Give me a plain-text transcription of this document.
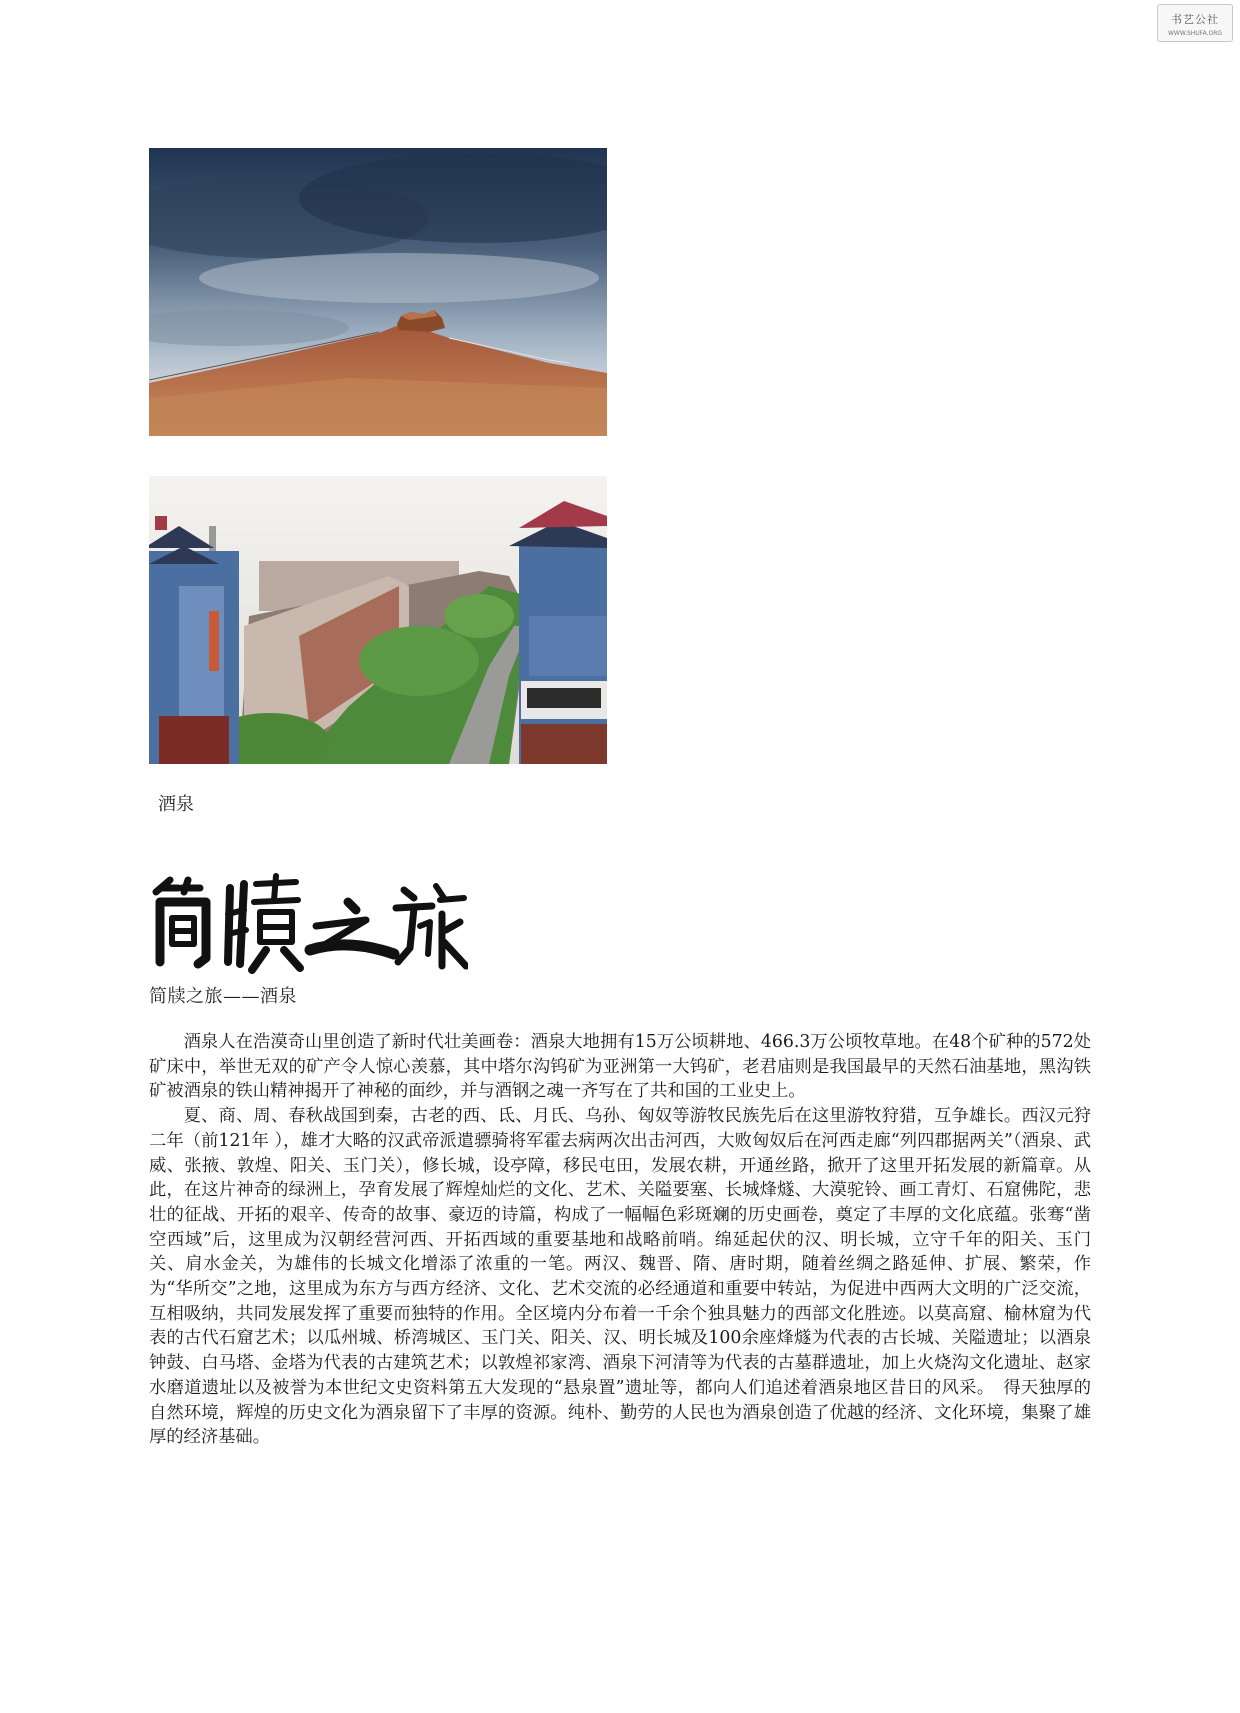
书艺公社
WWW.SHUFA.ORG
酒泉
简牍之旅——酒泉

酒泉人在浩漠奇山里创造了新时代壮美画卷：酒泉大地拥有15万公顷耕地、466.3万公顷牧草地。在48个矿种的572处矿床中，举世无双的矿产令人惊心羡慕，其中塔尔沟钨矿为亚洲第一大钨矿，老君庙则是我国最早的天然石油基地，黑沟铁矿被酒泉的铁山精神揭开了神秘的面纱，并与酒钢之魂一齐写在了共和国的工业史上。

夏、商、周、春秋战国到秦，古老的西、氐、月氏、乌孙、匈奴等游牧民族先后在这里游牧狩猎，互争雄长。西汉元狩二年（前121年 ），雄才大略的汉武帝派遣骠骑将军霍去病两次出击河西，大败匈奴后在河西走廊“列四郡据两关”（酒泉、武威、张掖、敦煌、阳关、玉门关），修长城，设亭障，移民屯田，发展农耕，开通丝路，掀开了这里开拓发展的新篇章。从此，在这片神奇的绿洲上，孕育发展了辉煌灿烂的文化、艺术、关隘要塞、长城烽燧、大漠驼铃、画工青灯、石窟佛陀，悲壮的征战、开拓的艰辛、传奇的故事、豪迈的诗篇，构成了一幅幅色彩斑斓的历史画卷，奠定了丰厚的文化底蕴。张骞“凿空西域”后，这里成为汉朝经营河西、开拓西域的重要基地和战略前哨。绵延起伏的汉、明长城，立守千年的阳关、玉门关、肩水金关，为雄伟的长城文化增添了浓重的一笔。两汉、魏晋、隋、唐时期，随着丝绸之路延伸、扩展、繁荣，作为“华所交”之地，这里成为东方与西方经济、文化、艺术交流的必经通道和重要中转站，为促进中西两大文明的广泛交流，互相吸纳，共同发展发挥了重要而独特的作用。全区境内分布着一千余个独具魅力的西部文化胜迹。以莫高窟、榆林窟为代表的古代石窟艺术；以瓜州城、桥湾城区、玉门关、阳关、汉、明长城及100余座烽燧为代表的古长城、关隘遗址；以酒泉钟鼓、白马塔、金塔为代表的古建筑艺术；以敦煌祁家湾、酒泉下河清等为代表的古墓群遗址，加上火烧沟文化遗址、赵家水磨道遗址以及被誉为本世纪文史资料第五大发现的“悬泉置”遗址等，都向人们追述着酒泉地区昔日的风采。　得天独厚的自然环境，辉煌的历史文化为酒泉留下了丰厚的资源。纯朴、勤劳的人民也为酒泉创造了优越的经济、文化环境，集聚了雄厚的经济基础。
